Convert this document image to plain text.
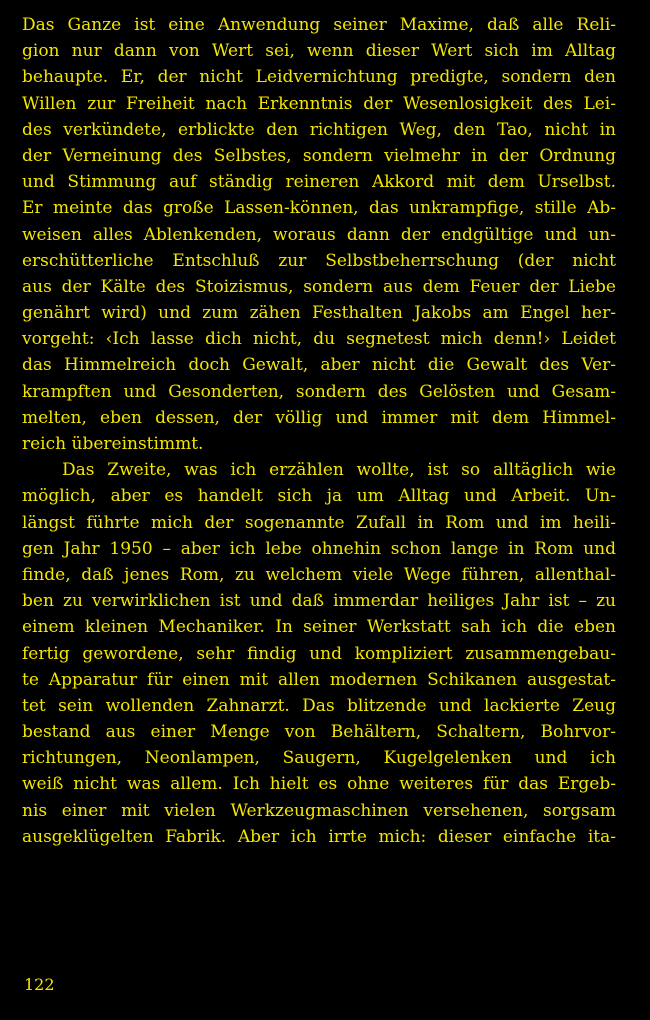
Das Ganze ist eine Anwendung seiner Maxime, daß alle Reli-
gion nur dann von Wert sei, wenn dieser Wert sich im Alltag
behaupte. Er, der nicht Leidvernichtung predigte, sondern den
Willen zur Freiheit nach Erkenntnis der Wesenlosigkeit des Lei-
des verkündete, erblickte den richtigen Weg, den Tao, nicht in
der Verneinung des Selbstes, sondern vielmehr in der Ordnung
und Stimmung auf ständig reineren Akkord mit dem Urselbst.
Er meinte das große Lassen-können, das unkrampfige, stille Ab-
weisen alles Ablenkenden, woraus dann der endgültige und un-
erschütterliche Entschluß zur Selbstbeherrschung (der nicht
aus der Kälte des Stoizismus, sondern aus dem Feuer der Liebe
genährt wird) und zum zähen Festhalten Jakobs am Engel her-
vorgeht: ‹Ich lasse dich nicht, du segnetest mich denn!› Leidet
das Himmelreich doch Gewalt, aber nicht die Gewalt des Ver-
krampften und Gesonderten, sondern des Gelösten und Gesam-
melten, eben dessen, der völlig und immer mit dem Himmel-
reich übereinstimmt.
Das Zweite, was ich erzählen wollte, ist so alltäglich wie
möglich, aber es handelt sich ja um Alltag und Arbeit. Un-
längst führte mich der sogenannte Zufall in Rom und im heili-
gen Jahr 1950 – aber ich lebe ohnehin schon lange in Rom und
finde, daß jenes Rom, zu welchem viele Wege führen, allenthal-
ben zu verwirklichen ist und daß immerdar heiliges Jahr ist – zu
einem kleinen Mechaniker. In seiner Werkstatt sah ich die eben
fertig gewordene, sehr findig und kompliziert zusammengebau-
te Apparatur für einen mit allen modernen Schikanen ausgestat-
tet sein wollenden Zahnarzt. Das blitzende und lackierte Zeug
bestand aus einer Menge von Behältern, Schaltern, Bohrvor-
richtungen, Neonlampen, Saugern, Kugelgelenken und ich
weiß nicht was allem. Ich hielt es ohne weiteres für das Ergeb-
nis einer mit vielen Werkzeugmaschinen versehenen, sorgsam
ausgeklügelten Fabrik. Aber ich irrte mich: dieser einfache ita-
122
